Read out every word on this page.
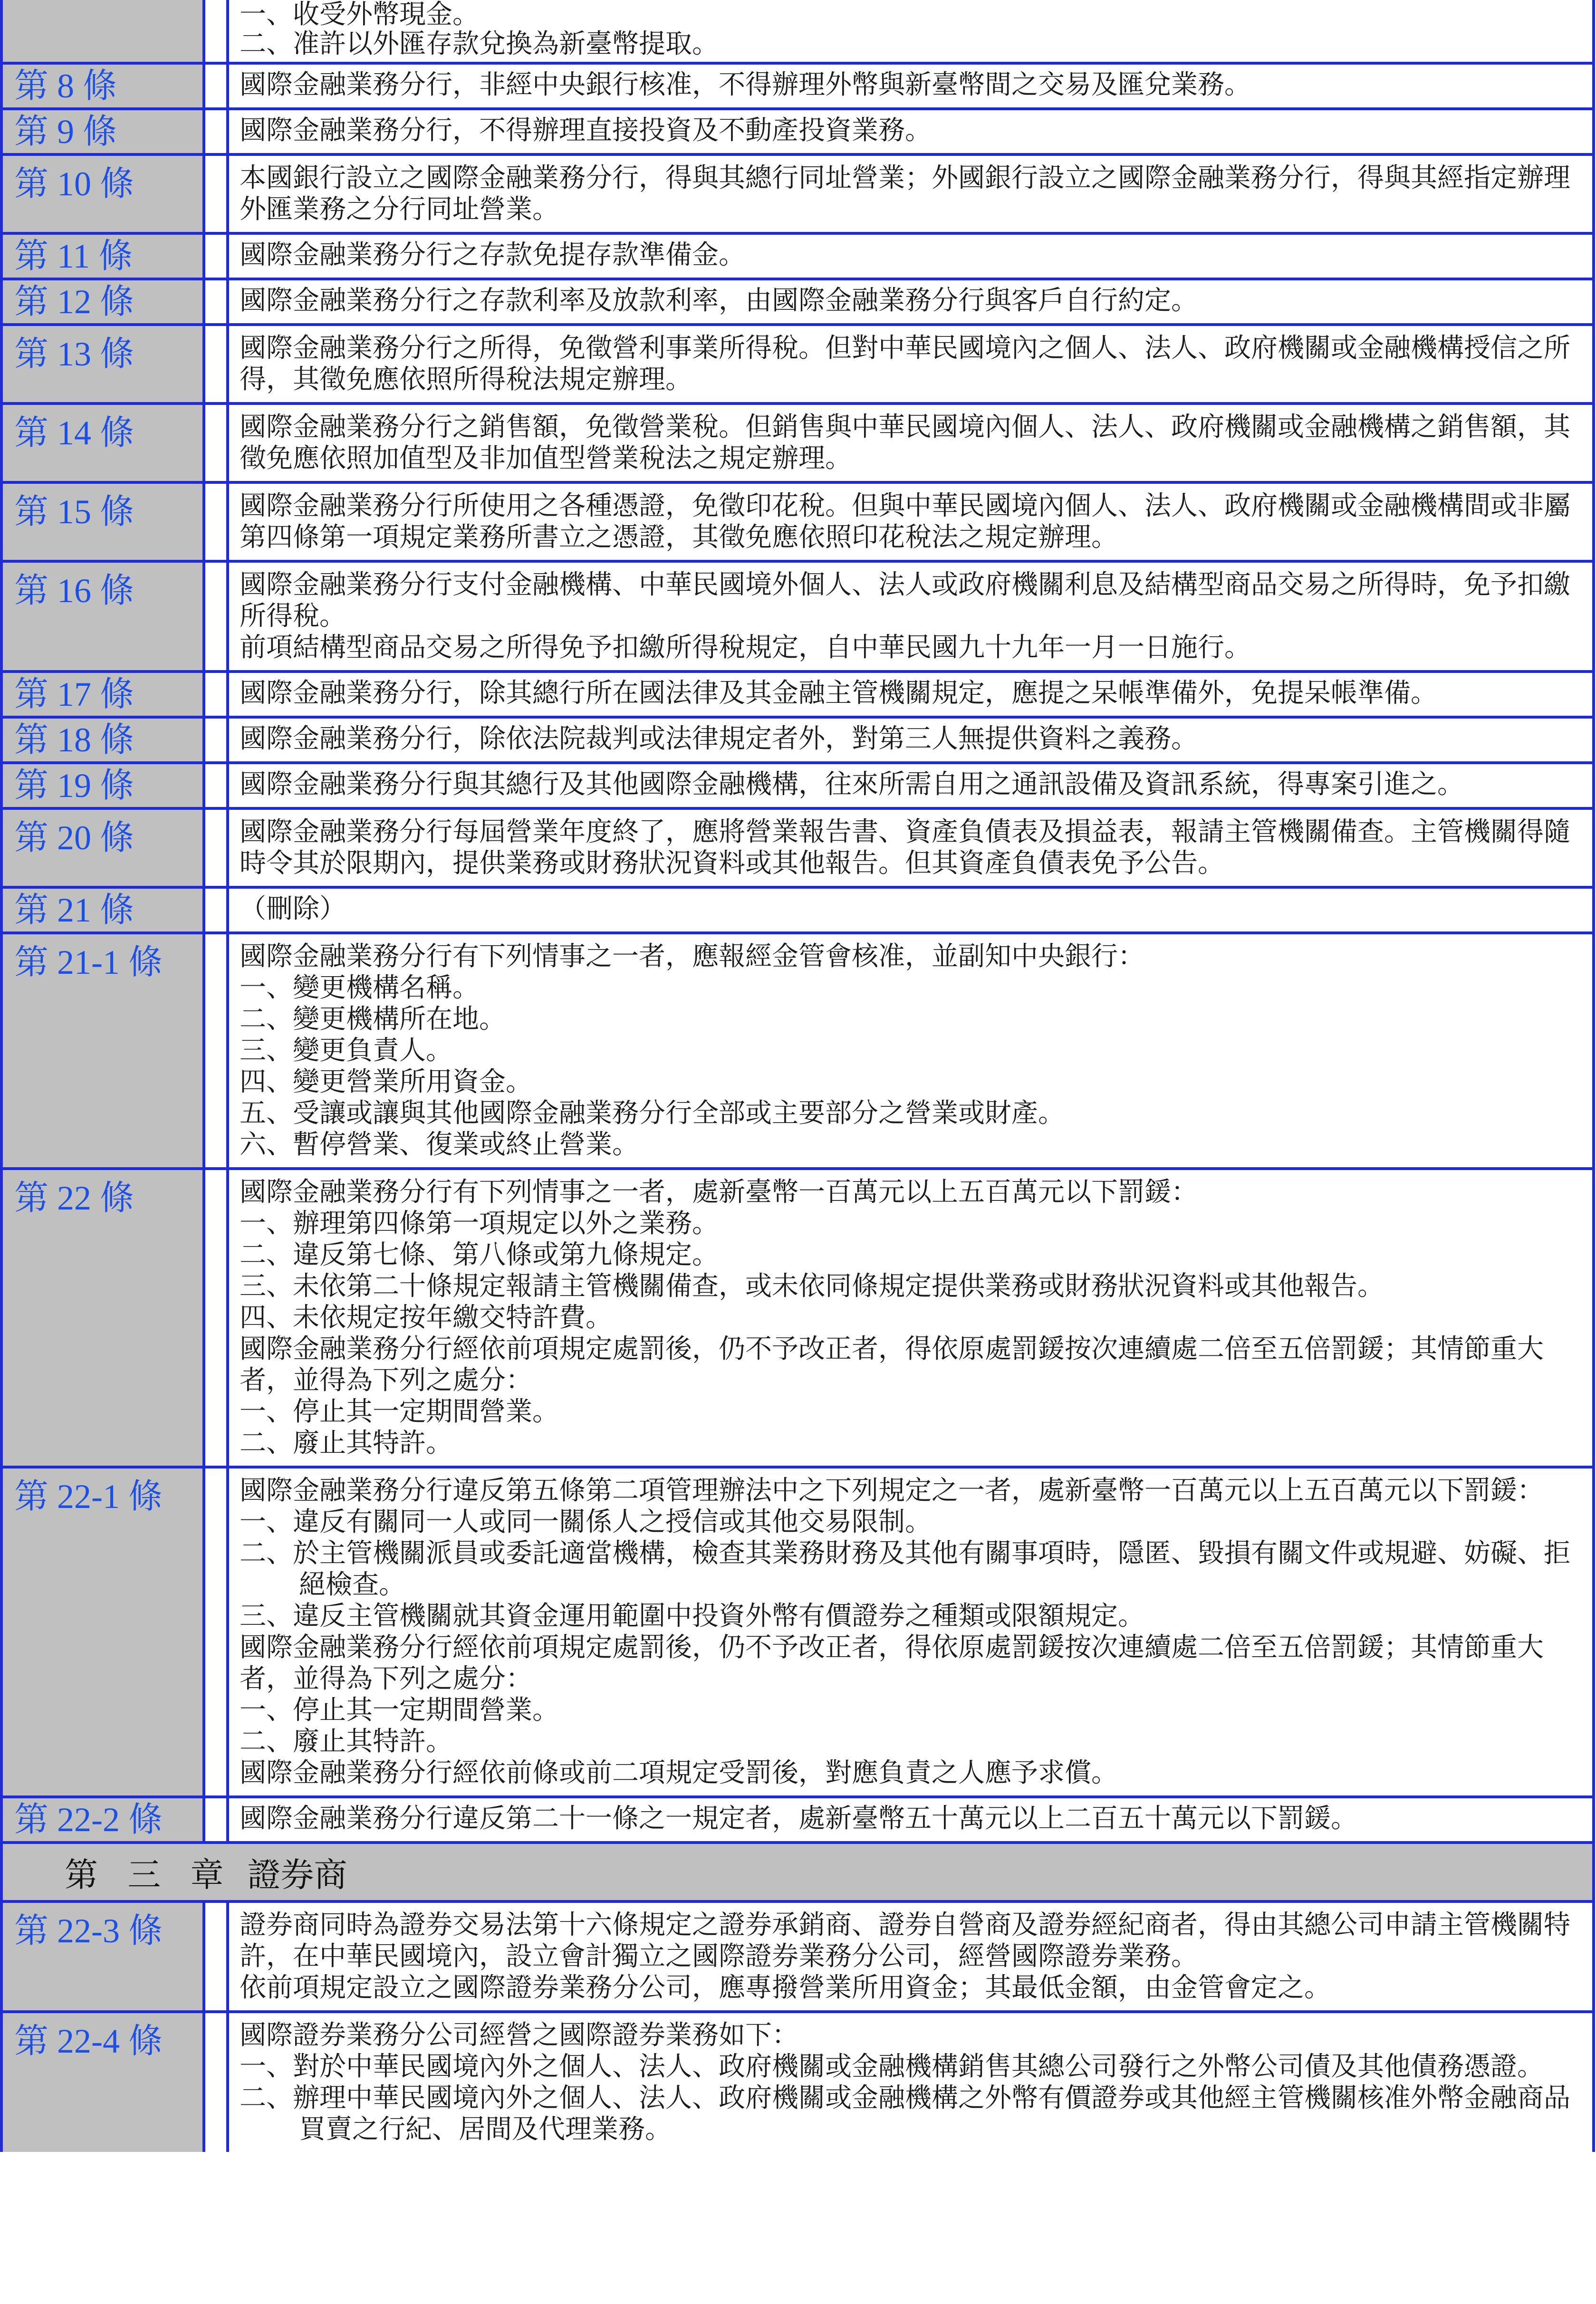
一、收受外幣現金。
二、准許以外匯存款兌換為新臺幣提取。
第 8 條	國際金融業務分行，非經中央銀行核准，不得辦理外幣與新臺幣間之交易及匯兌業務。
第 9 條	國際金融業務分行，不得辦理直接投資及不動產投資業務。
第 10 條	本國銀行設立之國際金融業務分行，得與其總行同址營業；外國銀行設立之國際金融業務分行，得與其經指定辦理外匯業務之分行同址營業。
第 11 條	國際金融業務分行之存款免提存款準備金。
第 12 條	國際金融業務分行之存款利率及放款利率，由國際金融業務分行與客戶自行約定。
第 13 條	國際金融業務分行之所得，免徵營利事業所得稅。但對中華民國境內之個人、法人、政府機關或金融機構授信之所得，其徵免應依照所得稅法規定辦理。
第 14 條	國際金融業務分行之銷售額，免徵營業稅。但銷售與中華民國境內個人、法人、政府機關或金融機構之銷售額，其徵免應依照加值型及非加值型營業稅法之規定辦理。
第 15 條	國際金融業務分行所使用之各種憑證，免徵印花稅。但與中華民國境內個人、法人、政府機關或金融機構間或非屬第四條第一項規定業務所書立之憑證，其徵免應依照印花稅法之規定辦理。
第 16 條	國際金融業務分行支付金融機構、中華民國境外個人、法人或政府機關利息及結構型商品交易之所得時，免予扣繳所得稅。
前項結構型商品交易之所得免予扣繳所得稅規定，自中華民國九十九年一月一日施行。
第 17 條	國際金融業務分行，除其總行所在國法律及其金融主管機關規定，應提之呆帳準備外，免提呆帳準備。
第 18 條	國際金融業務分行，除依法院裁判或法律規定者外，對第三人無提供資料之義務。
第 19 條	國際金融業務分行與其總行及其他國際金融機構，往來所需自用之通訊設備及資訊系統，得專案引進之。
第 20 條	國際金融業務分行每屆營業年度終了，應將營業報告書、資產負債表及損益表，報請主管機關備查。主管機關得隨時令其於限期內，提供業務或財務狀況資料或其他報告。但其資產負債表免予公告。
第 21 條	（刪除）
第 21-1 條	國際金融業務分行有下列情事之一者，應報經金管會核准，並副知中央銀行：
一、變更機構名稱。
二、變更機構所在地。
三、變更負責人。
四、變更營業所用資金。
五、受讓或讓與其他國際金融業務分行全部或主要部分之營業或財產。
六、暫停營業、復業或終止營業。
第 22 條	國際金融業務分行有下列情事之一者，處新臺幣一百萬元以上五百萬元以下罰鍰：
一、辦理第四條第一項規定以外之業務。
二、違反第七條、第八條或第九條規定。
三、未依第二十條規定報請主管機關備查，或未依同條規定提供業務或財務狀況資料或其他報告。
四、未依規定按年繳交特許費。
國際金融業務分行經依前項規定處罰後，仍不予改正者，得依原處罰鍰按次連續處二倍至五倍罰鍰；其情節重大者，並得為下列之處分：
一、停止其一定期間營業。
二、廢止其特許。
第 22-1 條	國際金融業務分行違反第五條第二項管理辦法中之下列規定之一者，處新臺幣一百萬元以上五百萬元以下罰鍰：
一、違反有關同一人或同一關係人之授信或其他交易限制。
二、於主管機關派員或委託適當機構，檢查其業務財務及其他有關事項時，隱匿、毀損有關文件或規避、妨礙、拒絕檢查。
三、違反主管機關就其資金運用範圍中投資外幣有價證券之種類或限額規定。
國際金融業務分行經依前項規定處罰後，仍不予改正者，得依原處罰鍰按次連續處二倍至五倍罰鍰；其情節重大者，並得為下列之處分：
一、停止其一定期間營業。
二、廢止其特許。
國際金融業務分行經依前條或前二項規定受罰後，對應負責之人應予求償。
第 22-2 條	國際金融業務分行違反第二十一條之一規定者，處新臺幣五十萬元以上二百五十萬元以下罰鍰。
第 三 章 證券商
第 22-3 條	證券商同時為證券交易法第十六條規定之證券承銷商、證券自營商及證券經紀商者，得由其總公司申請主管機關特許，在中華民國境內，設立會計獨立之國際證券業務分公司，經營國際證券業務。
依前項規定設立之國際證券業務分公司，應專撥營業所用資金；其最低金額，由金管會定之。
第 22-4 條	國際證券業務分公司經營之國際證券業務如下：
一、對於中華民國境內外之個人、法人、政府機關或金融機構銷售其總公司發行之外幣公司債及其他債務憑證。
二、辦理中華民國境內外之個人、法人、政府機關或金融機構之外幣有價證券或其他經主管機關核准外幣金融商品買賣之行紀、居間及代理業務。
